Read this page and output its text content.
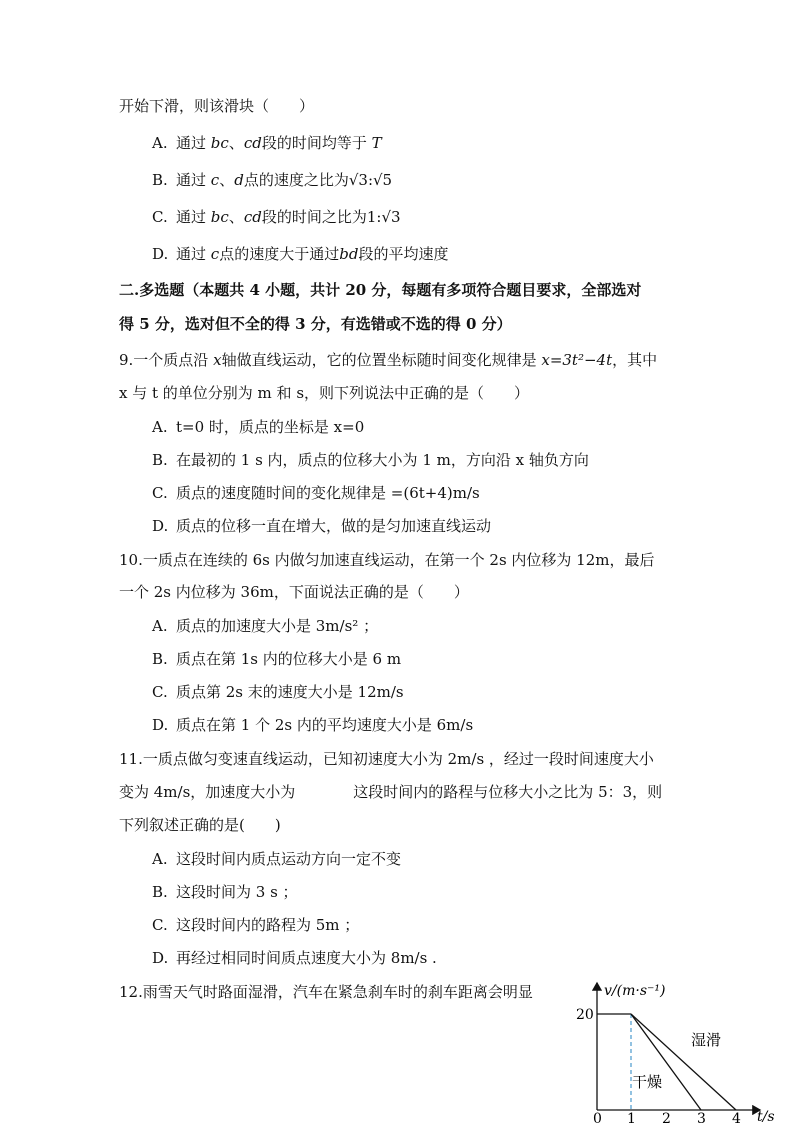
开始下滑，则该滑块（　　）
A. 通过 bc、cd段的时间均等于 T
B. 通过 c、d点的速度之比为√3:√5
C. 通过 bc、cd段的时间之比为1:√3
D. 通过 c点的速度大于通过bd段的平均速度
二.多选题（本题共 4 小题，共计 20 分，每题有多项符合题目要求，全部选对
得 5 分，选对但不全的得 3 分，有选错或不选的得 0 分）
9.一个质点沿 x轴做直线运动，它的位置坐标随时间变化规律是 x=3t²−4t，其中
x 与 t 的单位分别为 m 和 s，则下列说法中正确的是（　　）
A. t=0 时，质点的坐标是 x=0
B. 在最初的 1 s 内，质点的位移大小为 1 m，方向沿 x 轴负方向
C. 质点的速度随时间的变化规律是 =(6t+4)m/s
D. 质点的位移一直在增大，做的是匀加速直线运动
10.一质点在连续的 6s 内做匀加速直线运动，在第一个 2s 内位移为 12m，最后
一个 2s 内位移为 36m，下面说法正确的是（　　）
A. 质点的加速度大小是 3m/s² ；
B. 质点在第 1s 内的位移大小是 6 m
C. 质点第 2s 末的速度大小是 12m/s
D. 质点在第 1 个 2s 内的平均速度大小是 6m/s
11.一质点做匀变速直线运动，已知初速度大小为 2m/s ，经过一段时间速度大小
变为 4m/s，加速度大小为	这段时间内的路程与位移大小之比为 5：3，则
下列叙述正确的是(　　)
A. 这段时间内质点运动方向一定不变
B. 这段时间为 3 s ；
C. 这段时间内的路程为 5m ；
D. 再经过相同时间质点速度大小为 8m/s .
12.雨雪天气时路面湿滑，汽车在紧急刹车时的刹车距离会明显	v/(m·s⁻¹)
t/s
20
0 1 2 3 4
湿滑
干燥
